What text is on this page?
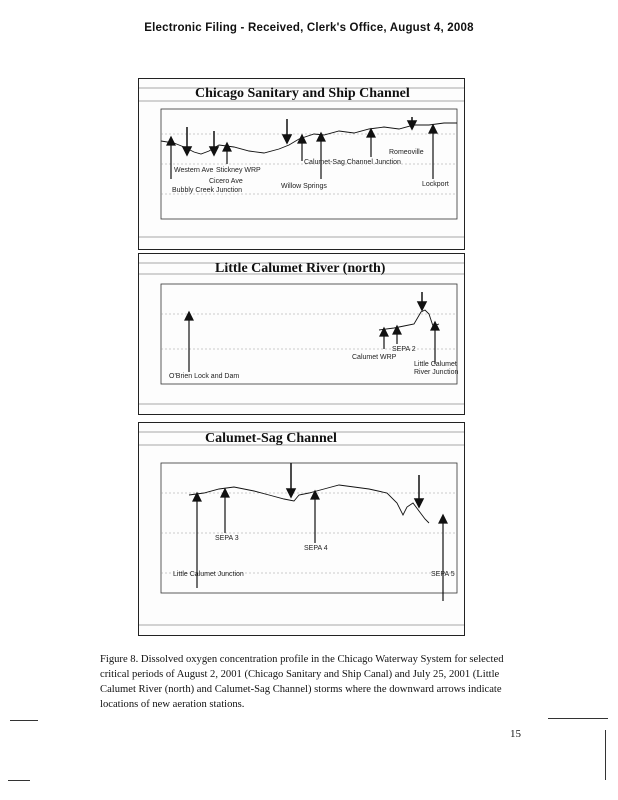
Electronic Filing - Received, Clerk's Office, August 4, 2008
Chicago Sanitary and Ship Channel
Western Ave Stickney WRP
Bubbly Creek Junction
Cicero Ave
Willow Springs
Calumet-Sag Channel Junction
Romeoville
Lockport
Little Calumet River (north)
SEPA 2
Calumet WRP
O'Brien Lock and Dam
Little Calumet River Junction
Calumet-Sag Channel
SEPA 3
SEPA 4
Little Calumet Junction	SEPA 5
Figure 8. Dissolved oxygen concentration profile in the Chicago Waterway System for selected critical periods of August 2, 2001 (Chicago Sanitary and Ship Canal) and July 25, 2001 (Little Calumet River (north) and Calumet-Sag Channel) storms where the downward arrows indicate locations of new aeration stations.
15
